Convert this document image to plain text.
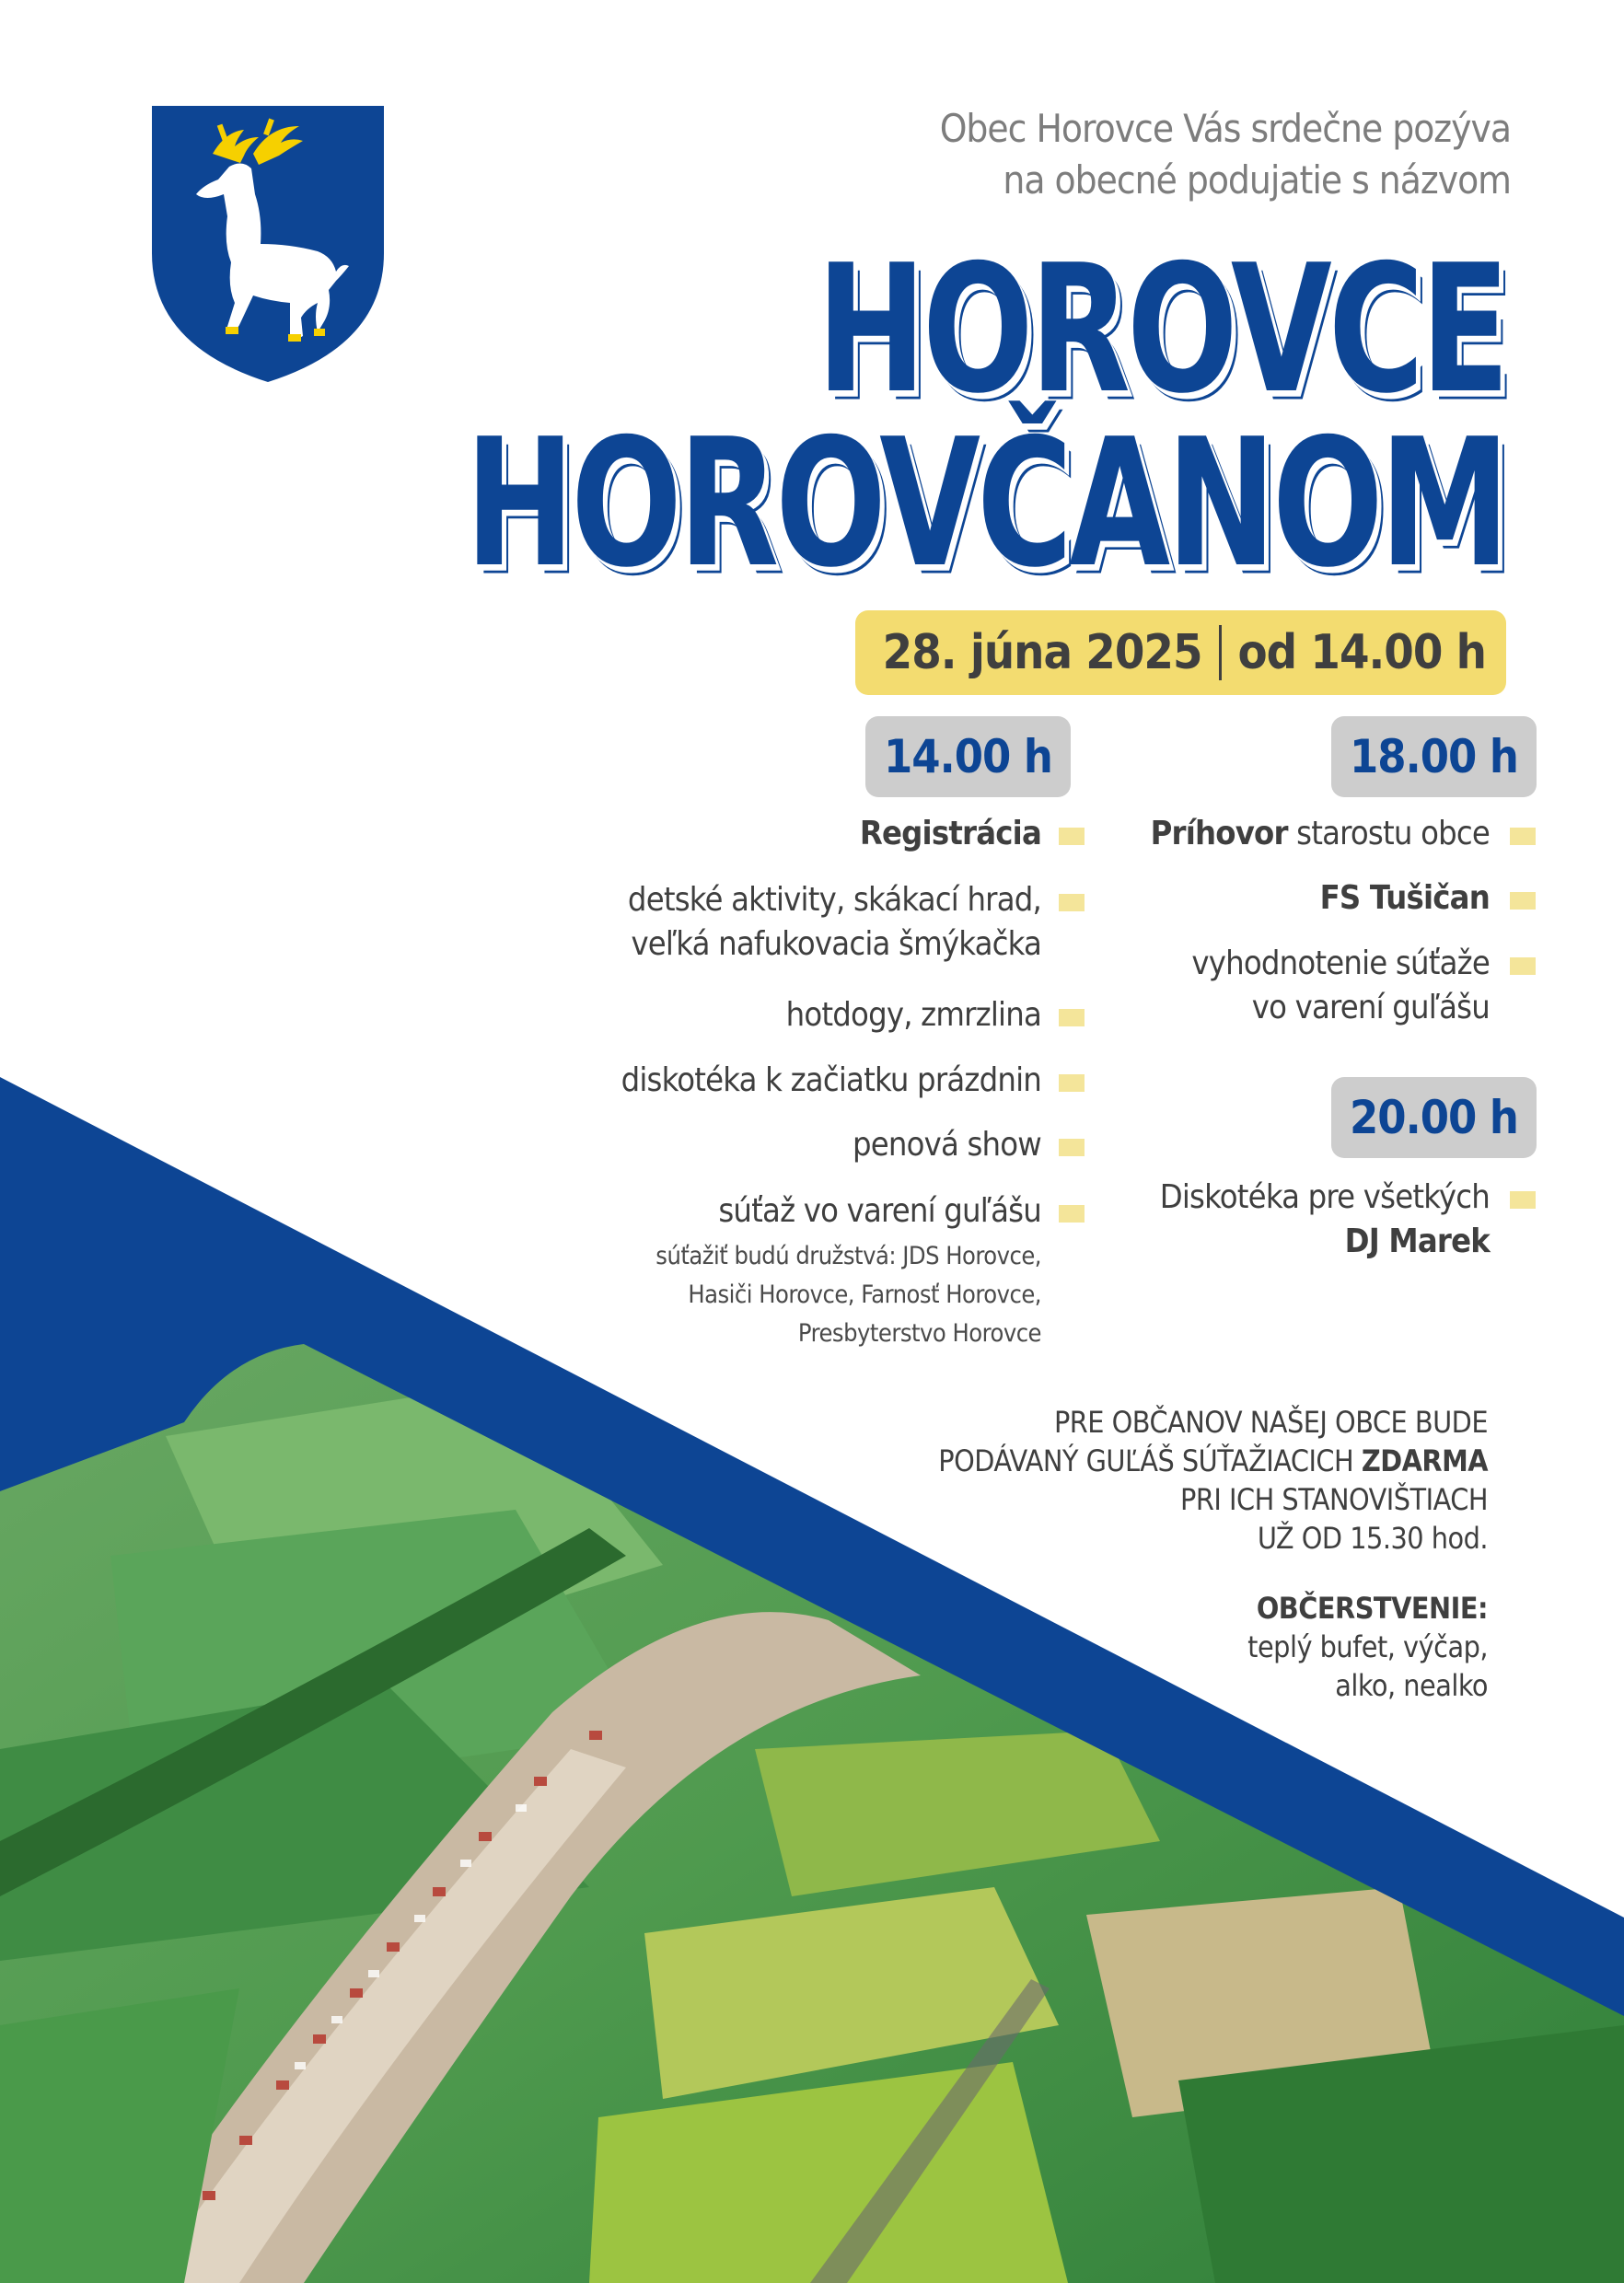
Obec Horovce Vás srdečne pozýva
na obecné podujatie s názvom
HOROVCE
HOROVČANOM
28. júna 2025 od 14.00 h
14.00 h	18.00 h
20.00 h
Registrácia
detské aktivity, skákací hrad,
veľká nafukovacia šmýkačka
hotdogy, zmrzlina
diskotéka k začiatku prázdnin
penová show
súťaž vo varení guľášu
súťažiť budú družstvá: JDS Horovce,
Hasiči Horovce, Farnosť Horovce,
Presbyterstvo Horovce
Príhovor starostu obce
FS Tušičan
vyhodnotenie súťaže
vo varení guľášu
Diskotéka pre všetkých
DJ Marek
PRE OBČANOV NAŠEJ OBCE BUDE
PODÁVANÝ GUĽÁŠ SÚŤAŽIACICH ZDARMA
PRI ICH STANOVIŠTIACH
UŽ OD 15.30 hod.
OBČERSTVENIE:
teplý bufet, výčap,
alko, nealko
